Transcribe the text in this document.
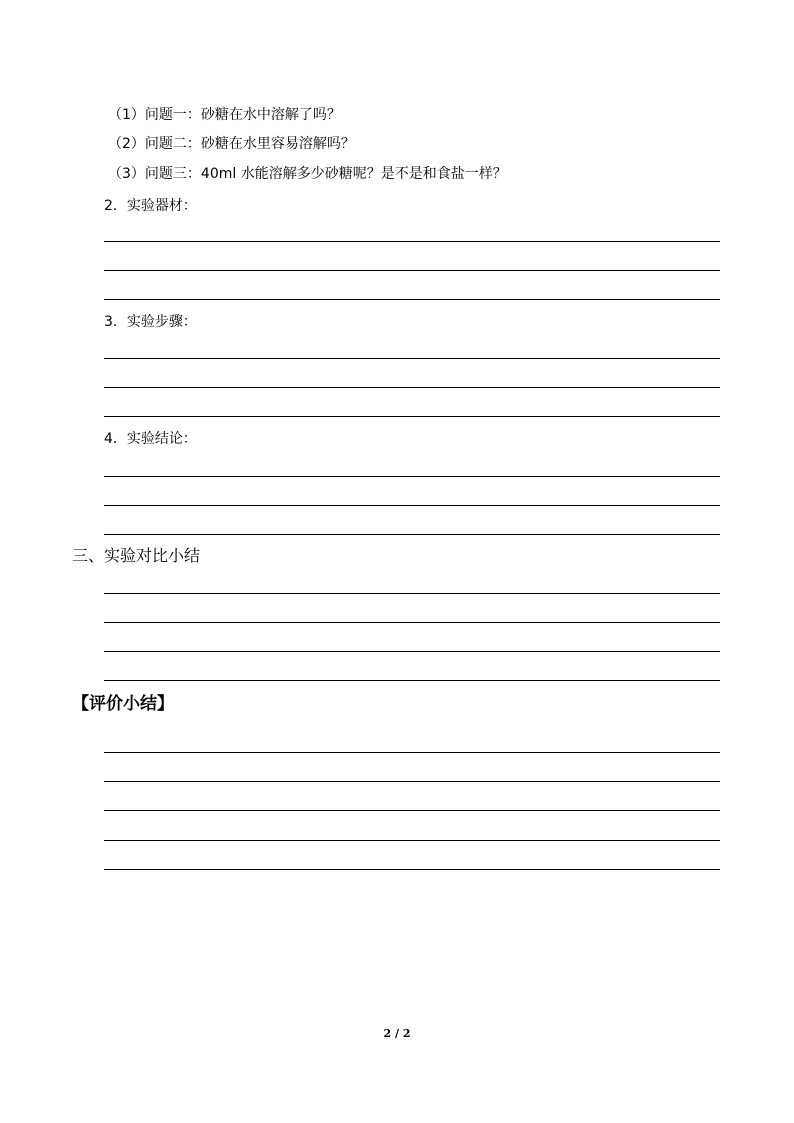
（1）问题一：砂糖在水中溶解了吗？
（2）问题二：砂糖在水里容易溶解吗？
（3）问题三：40ml 水能溶解多少砂糖呢？是不是和食盐一样？
2．实验器材：
3．实验步骤：
4．实验结论：
三、实验对比小结
【评价小结】
2 / 2
